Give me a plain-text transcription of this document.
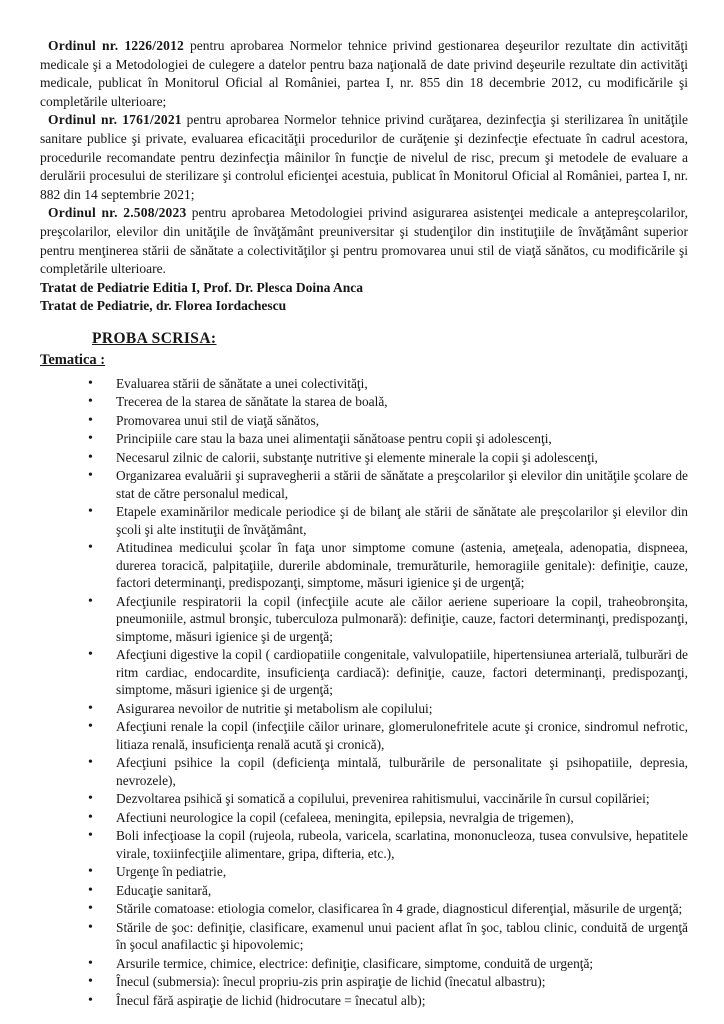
Ordinul nr. 1226/2012 pentru aprobarea Normelor tehnice privind gestionarea deşeurilor rezultate din activităţi medicale şi a Metodologiei de culegere a datelor pentru baza naţională de date privind deşeurile rezultate din activităţi medicale, publicat în Monitorul Oficial al României, partea I, nr. 855 din 18 decembrie 2012, cu modificările şi completările ulterioare;

Ordinul nr. 1761/2021 pentru aprobarea Normelor tehnice privind curăţarea, dezinfecţia şi sterilizarea în unităţile sanitare publice şi private, evaluarea eficacităţii procedurilor de curăţenie şi dezinfecţie efectuate în cadrul acestora, procedurile recomandate pentru dezinfecţia mâinilor în funcţie de nivelul de risc, precum şi metodele de evaluare a derulării procesului de sterilizare şi controlul eficienţei acestuia, publicat în Monitorul Oficial al României, partea I, nr. 882 din 14 septembrie 2021;

Ordinul nr. 2.508/2023 pentru aprobarea Metodologiei privind asigurarea asistenţei medicale a antepreşcolarilor, preşcolarilor, elevilor din unităţile de învăţământ preuniversitar şi studenţilor din instituţiile de învăţământ superior pentru menţinerea stării de sănătate a colectivităţilor şi pentru promovarea unui stil de viaţă sănătos, cu modificările şi completările ulterioare.

Tratat de Pediatrie Editia I, Prof. Dr. Plesca Doina Anca

Tratat de Pediatrie, dr. Florea Iordachescu

PROBA SCRISA:
Tematica :
• Evaluarea stării de sănătate a unei colectivităţi,
• Trecerea de la starea de sănătate la starea de boală,
• Promovarea unui stil de viaţă sănătos,
• Principiile care stau la baza unei alimentaţii sănătoase pentru copii şi adolescenţi,
• Necesarul zilnic de calorii, substanţe nutritive şi elemente minerale la copii şi adolescenţi,
• Organizarea evaluării şi supravegherii a stării de sănătate a preşcolarilor şi elevilor din unităţile şcolare de stat de către personalul medical,
• Etapele examinărilor medicale periodice şi de bilanţ ale stării de sănătate ale preşcolarilor şi elevilor din şcoli şi alte instituţii de învăţământ,
• Atitudinea medicului şcolar în faţa unor simptome comune (astenia, ameţeala, adenopatia, dispneea, durerea toracică, palpitaţiile, durerile abdominale, tremurăturile, hemoragiile genitale): definiţie, cauze, factori determinanţi, predispozanţi, simptome, măsuri igienice şi de urgenţă;
• Afecţiunile respiratorii la copil (infecţiile acute ale căilor aeriene superioare la copil, traheobronşita, pneumoniile, astmul bronşic, tuberculoza pulmonară): definiţie, cauze, factori determinanţi, predispozanţi, simptome, măsuri igienice şi de urgenţă;
• Afecţiuni digestive la copil ( cardiopatiile congenitale, valvulopatiile, hipertensiunea arterială, tulburări de ritm cardiac, endocardite, insuficienţa cardiacă): definiţie, cauze, factori determinanţi, predispozanţi, simptome, măsuri igienice şi de urgenţă;
• Asigurarea nevoilor de nutritie şi metabolism ale copilului;
• Afecţiuni renale la copil (infecţiile căilor urinare, glomerulonefritele acute şi cronice, sindromul nefrotic, litiaza renală, insuficienţa renală acută şi cronică),
• Afecţiuni psihice la copil (deficienţa mintală, tulburările de personalitate şi psihopatiile, depresia, nevrozele),
• Dezvoltarea psihică şi somatică a copilului, prevenirea rahitismului, vaccinările în cursul copilăriei;
• Afectiuni neurologice la copil (cefaleea, meningita, epilepsia, nevralgia de trigemen),
• Boli infecţioase la copil (rujeola, rubeola, varicela, scarlatina, mononucleoza, tusea convulsive, hepatitele virale, toxiinfecţiile alimentare, gripa, difteria, etc.),
• Urgenţe în pediatrie,
• Educaţie sanitară,
• Stările comatoase: etiologia comelor, clasificarea în 4 grade, diagnosticul diferenţial, măsurile de urgenţă;
• Stările de şoc: definiţie, clasificare, examenul unui pacient aflat în şoc, tablou clinic, conduită de urgenţă în şocul anafilactic şi hipovolemic;
• Arsurile termice, chimice, electrice: definiţie, clasificare, simptome, conduită de urgenţă;
• Înecul (submersia): înecul propriu-zis prin aspiraţie de lichid (înecatul albastru);
• Înecul fără aspiraţie de lichid (hidrocutare = înecatul alb);
